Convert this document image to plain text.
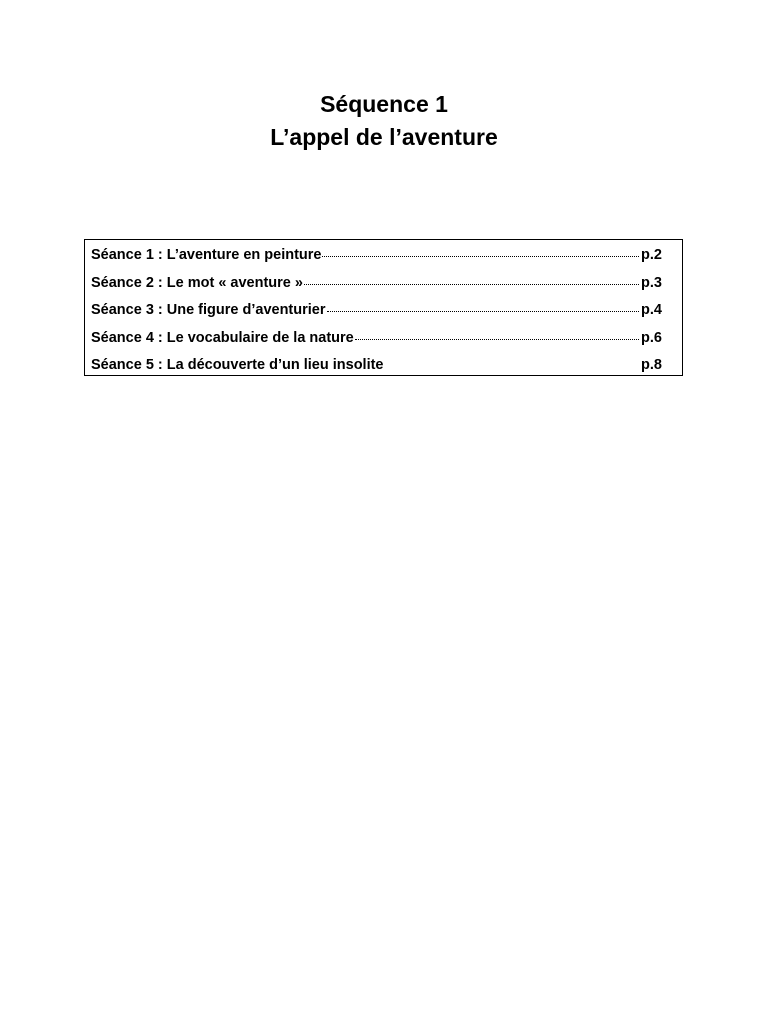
Séquence 1
L’appel de l’aventure
Séance 1 : L’aventure en peinture	p.2
Séance 2 : Le mot « aventure »	p.3
Séance 3 : Une figure d’aventurier	p.4
Séance 4 : Le vocabulaire de la nature	p.6
Séance 5 : La découverte d’un lieu insolite	p.8
